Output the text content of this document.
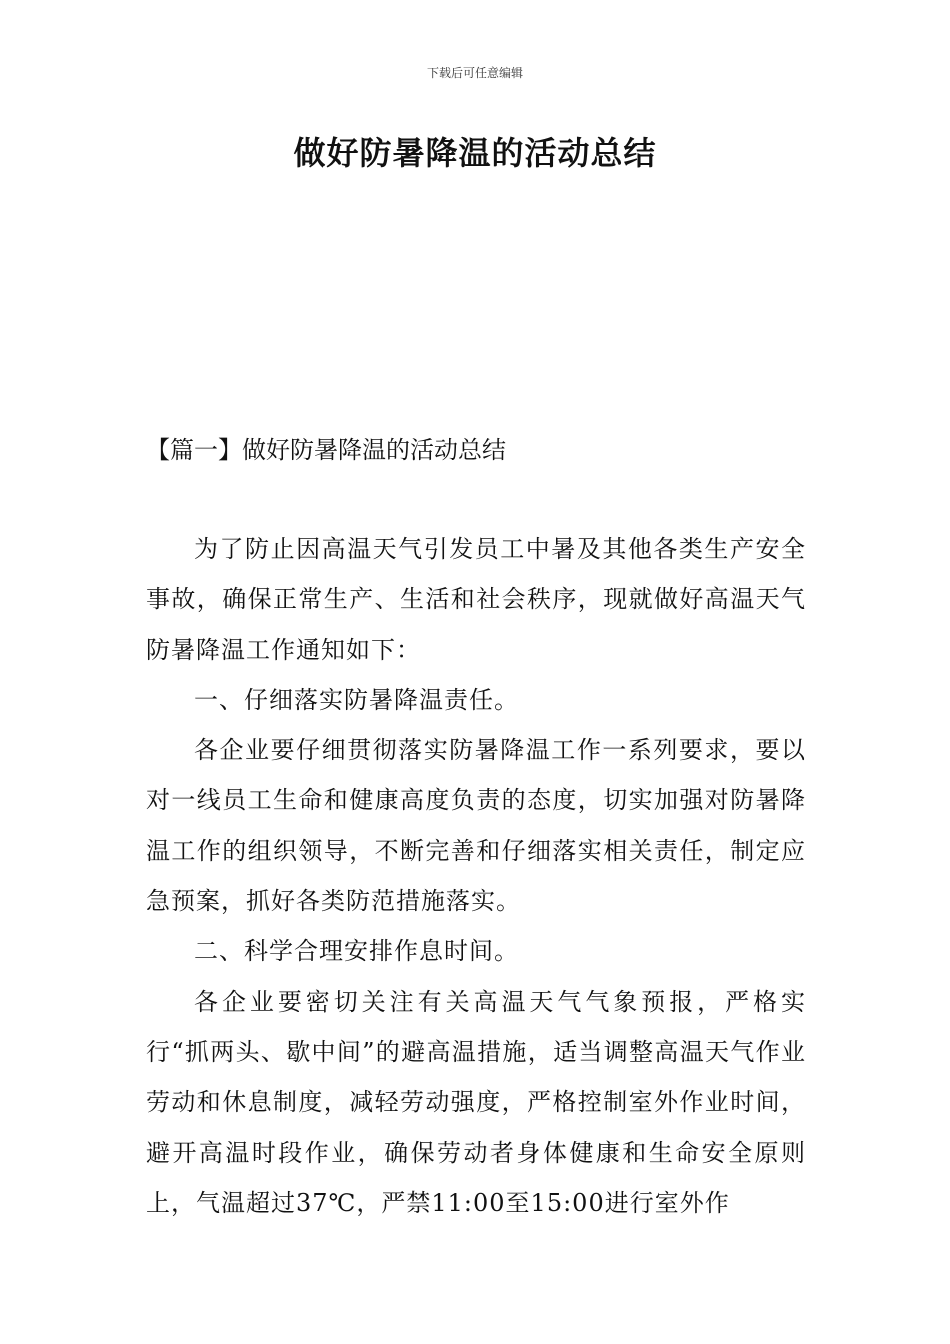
下载后可任意编辑
做好防暑降温的活动总结
【篇一】做好防暑降温的活动总结

为了防止因高温天气引发员工中暑及其他各类生产安全事故，确保正常生产、生活和社会秩序，现就做好高温天气防暑降温工作通知如下：

一、仔细落实防暑降温责任。

各企业要仔细贯彻落实防暑降温工作一系列要求，要以对一线员工生命和健康高度负责的态度，切实加强对防暑降温工作的组织领导，不断完善和仔细落实相关责任，制定应急预案，抓好各类防范措施落实。

二、科学合理安排作息时间。

各企业要密切关注有关高温天气气象预报，严格实行“抓两头、歇中间”的避高温措施，适当调整高温天气作业劳动和休息制度，减轻劳动强度，严格控制室外作业时间，避开高温时段作业，确保劳动者身体健康和生命安全原则上，气温超过37℃，严禁11:00至15:00进行室外作
